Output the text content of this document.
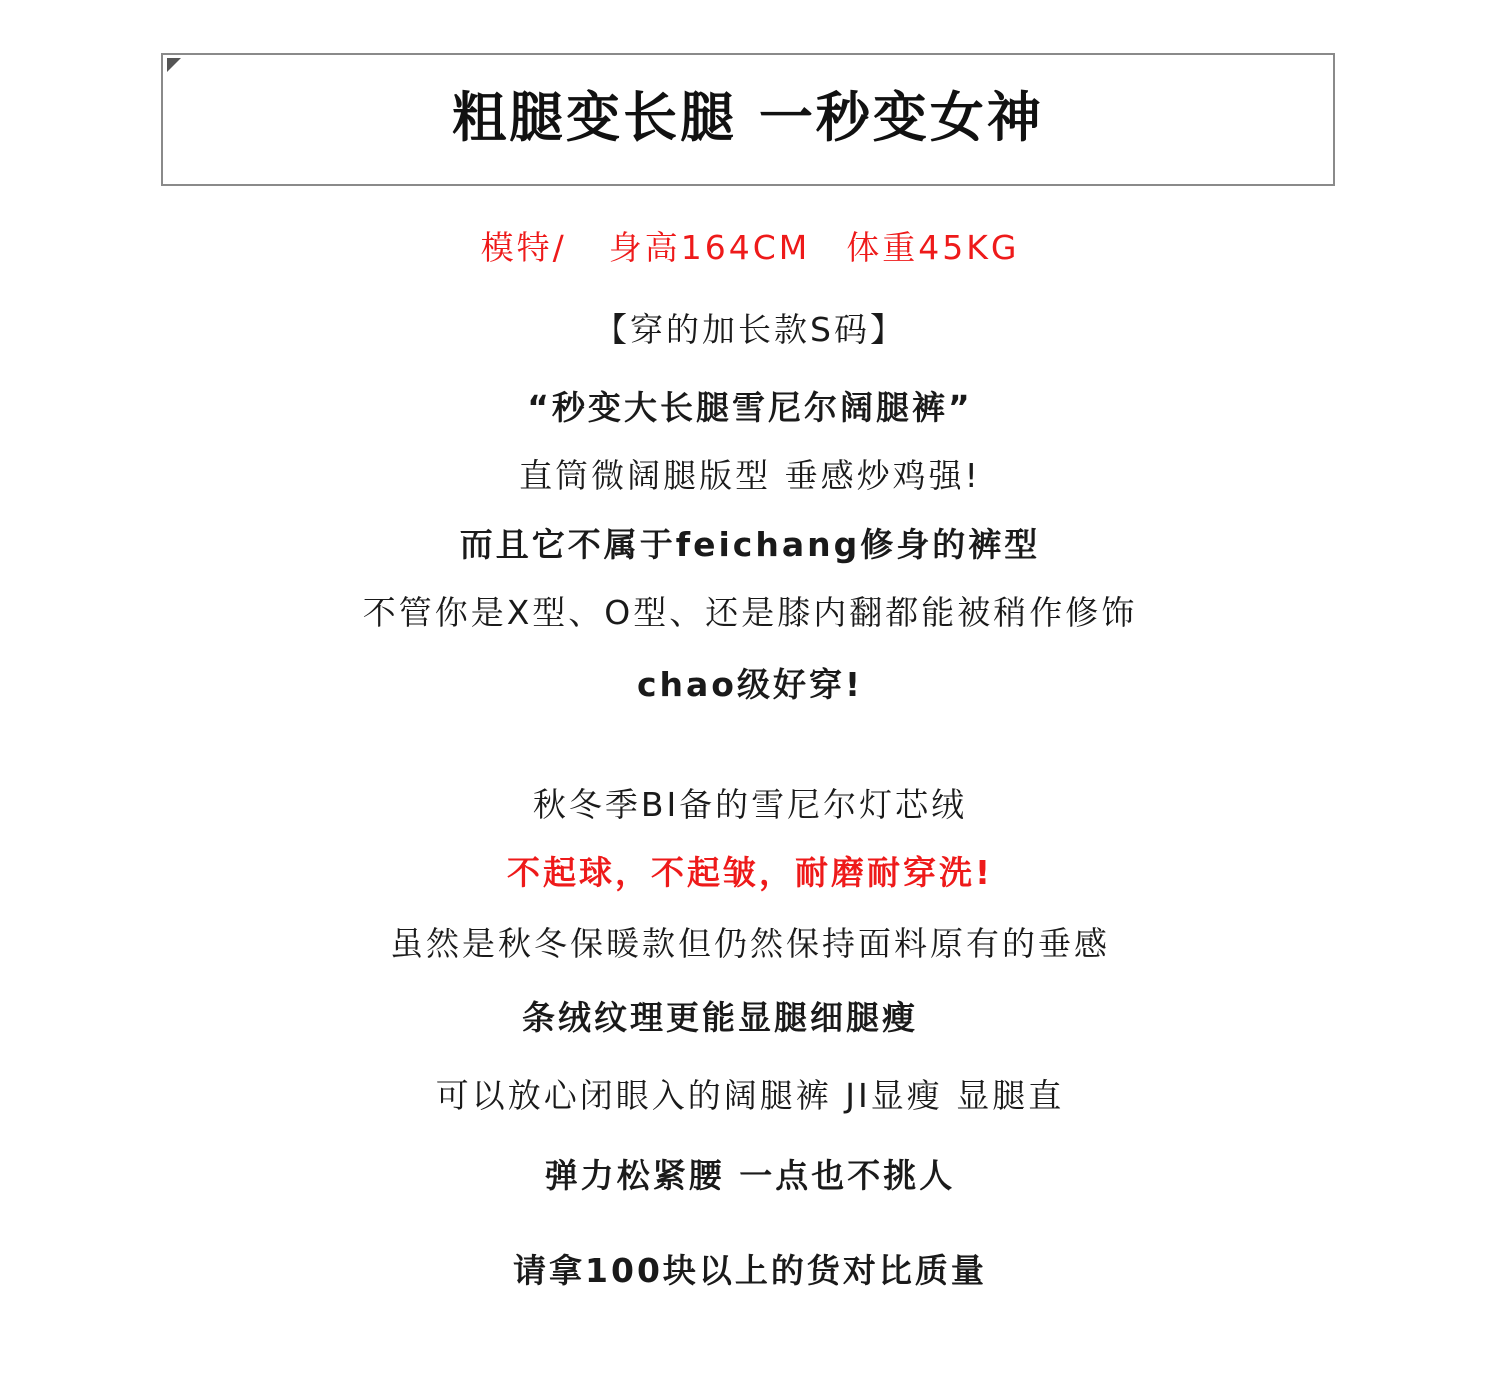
粗腿变长腿 一秒变女神
模特/ 身高164CM 体重45KG
【穿的加长款S码】
“秒变大长腿雪尼尔阔腿裤”
直筒微阔腿版型 垂感炒鸡强!
而且它不属于feichang修身的裤型
不管你是X型、O型、还是膝内翻都能被稍作修饰
chao级好穿!
秋冬季BI备的雪尼尔灯芯绒
不起球，不起皱，耐磨耐穿洗!
虽然是秋冬保暖款但仍然保持面料原有的垂感
条绒纹理更能显腿细腿瘦
可以放心闭眼入的阔腿裤 JI显瘦 显腿直
弹力松紧腰 一点也不挑人
请拿100块以上的货对比质量
